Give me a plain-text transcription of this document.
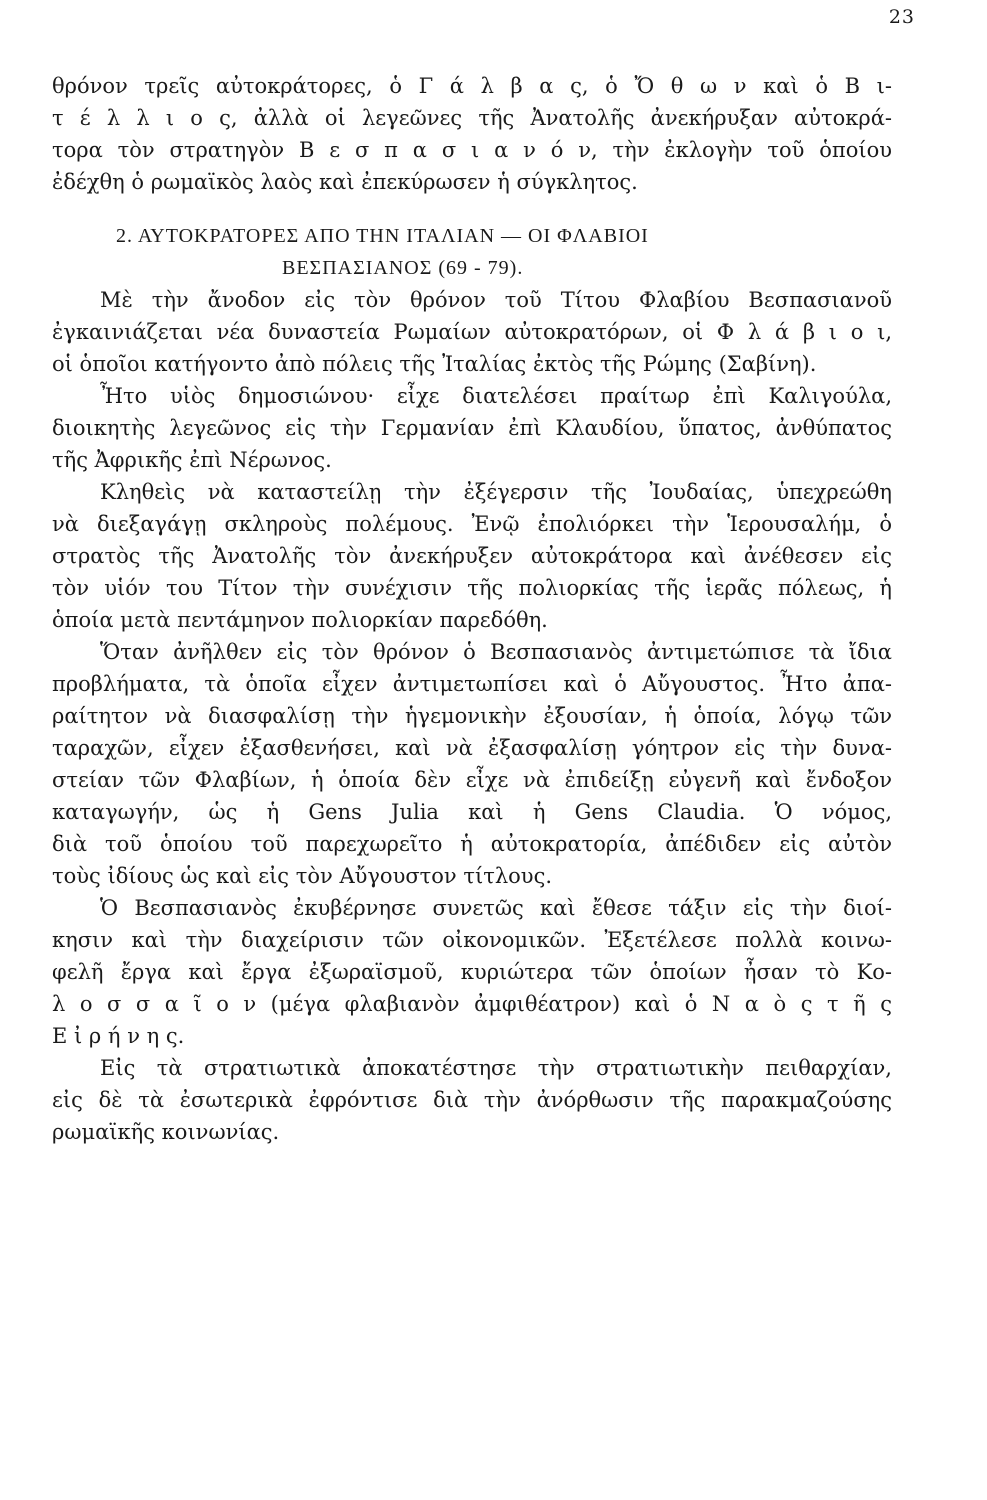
23
θρόνον τρεῖς αὐτοκράτορες, ὁ Γ ά λ β α ς, ὁ Ὄ θ ω ν καὶ ὁ Β ι-
τ έ λ λ ι ο ς, ἀλλὰ οἱ λεγεῶνες τῆς Ἀνατολῆς ἀνεκήρυξαν αὐτοκρά-
τορα τὸν στρατηγὸν Β ε σ π α σ ι α ν ό ν, τὴν ἐκλογὴν τοῦ ὁποίου
ἐδέχθη ὁ ρωμαϊκὸς λαὸς καὶ ἐπεκύρωσεν ἡ σύγκλητος.
2. ΑΥΤΟΚΡΑΤΟΡΕΣ ΑΠΟ ΤΗΝ ΙΤΑΛΙΑΝ — ΟΙ ΦΛΑΒΙΟΙ
ΒΕΣΠΑΣΙΑΝΟΣ (69 - 79).
Μὲ τὴν ἄνοδον εἰς τὸν θρόνον τοῦ Τίτου Φλαβίου Βεσπασιανοῦ
ἐγκαινιάζεται νέα δυναστεία Ρωμαίων αὐτοκρατόρων, οἱ Φ λ ά β ι ο ι,
οἱ ὁποῖοι κατήγοντο ἀπὸ πόλεις τῆς Ἰταλίας ἐκτὸς τῆς Ρώμης (Σαβίνη).
Ἦτο υἱὸς δημοσιώνου· εἶχε διατελέσει πραίτωρ ἐπὶ Καλιγούλα,
διοικητὴς λεγεῶνος εἰς τὴν Γερμανίαν ἐπὶ Κλαυδίου, ὕπατος, ἀνθύπατος
τῆς Ἀφρικῆς ἐπὶ Νέρωνος.
Κληθεὶς νὰ καταστείλῃ τὴν ἐξέγερσιν τῆς Ἰουδαίας, ὑπεχρεώθη
νὰ διεξαγάγῃ σκληροὺς πολέμους. Ἐνῷ ἐπολιόρκει τὴν Ἱερουσαλήμ, ὁ
στρατὸς τῆς Ἀνατολῆς τὸν ἀνεκήρυξεν αὐτοκράτορα καὶ ἀνέθεσεν εἰς
τὸν υἱόν του Τίτον τὴν συνέχισιν τῆς πολιορκίας τῆς ἱερᾶς πόλεως, ἡ
ὁποία μετὰ πεντάμηνον πολιορκίαν παρεδόθη.
Ὅταν ἀνῆλθεν εἰς τὸν θρόνον ὁ Βεσπασιανὸς ἀντιμετώπισε τὰ ἴδια
προβλήματα, τὰ ὁποῖα εἶχεν ἀντιμετωπίσει καὶ ὁ Αὔγουστος. Ἦτο ἀπα-
ραίτητον νὰ διασφαλίσῃ τὴν ἡγεμονικὴν ἐξουσίαν, ἡ ὁποία, λόγῳ τῶν
ταραχῶν, εἶχεν ἐξασθενήσει, καὶ νὰ ἐξασφαλίσῃ γόητρον εἰς τὴν δυνα-
στείαν τῶν Φλαβίων, ἡ ὁποία δὲν εἶχε νὰ ἐπιδείξῃ εὐγενῆ καὶ ἔνδοξον
καταγωγήν, ὡς ἡ Gens Julia καὶ ἡ Gens Claudia. Ὁ νόμος,
διὰ τοῦ ὁποίου τοῦ παρεχωρεῖτο ἡ αὐτοκρατορία, ἀπέδιδεν εἰς αὐτὸν
τοὺς ἰδίους ὡς καὶ εἰς τὸν Αὔγουστον τίτλους.
Ὁ Βεσπασιανὸς ἐκυβέρνησε συνετῶς καὶ ἔθεσε τάξιν εἰς τὴν διοί-
κησιν καὶ τὴν διαχείρισιν τῶν οἰκονομικῶν. Ἐξετέλεσε πολλὰ κοινω-
φελῆ ἔργα καὶ ἔργα ἐξωραϊσμοῦ, κυριώτερα τῶν ὁποίων ἦσαν τὸ Κο-
λ ο σ σ α ῖ ο ν (μέγα φλαβιανὸν ἀμφιθέατρον) καὶ ὁ Ν α ὸ ς τ ῆ ς
Ε ἰ ρ ή ν η ς.
Εἰς τὰ στρατιωτικὰ ἀποκατέστησε τὴν στρατιωτικὴν πειθαρχίαν,
εἰς δὲ τὰ ἐσωτερικὰ ἐφρόντισε διὰ τὴν ἀνόρθωσιν τῆς παρακμαζούσης
ρωμαϊκῆς κοινωνίας.
